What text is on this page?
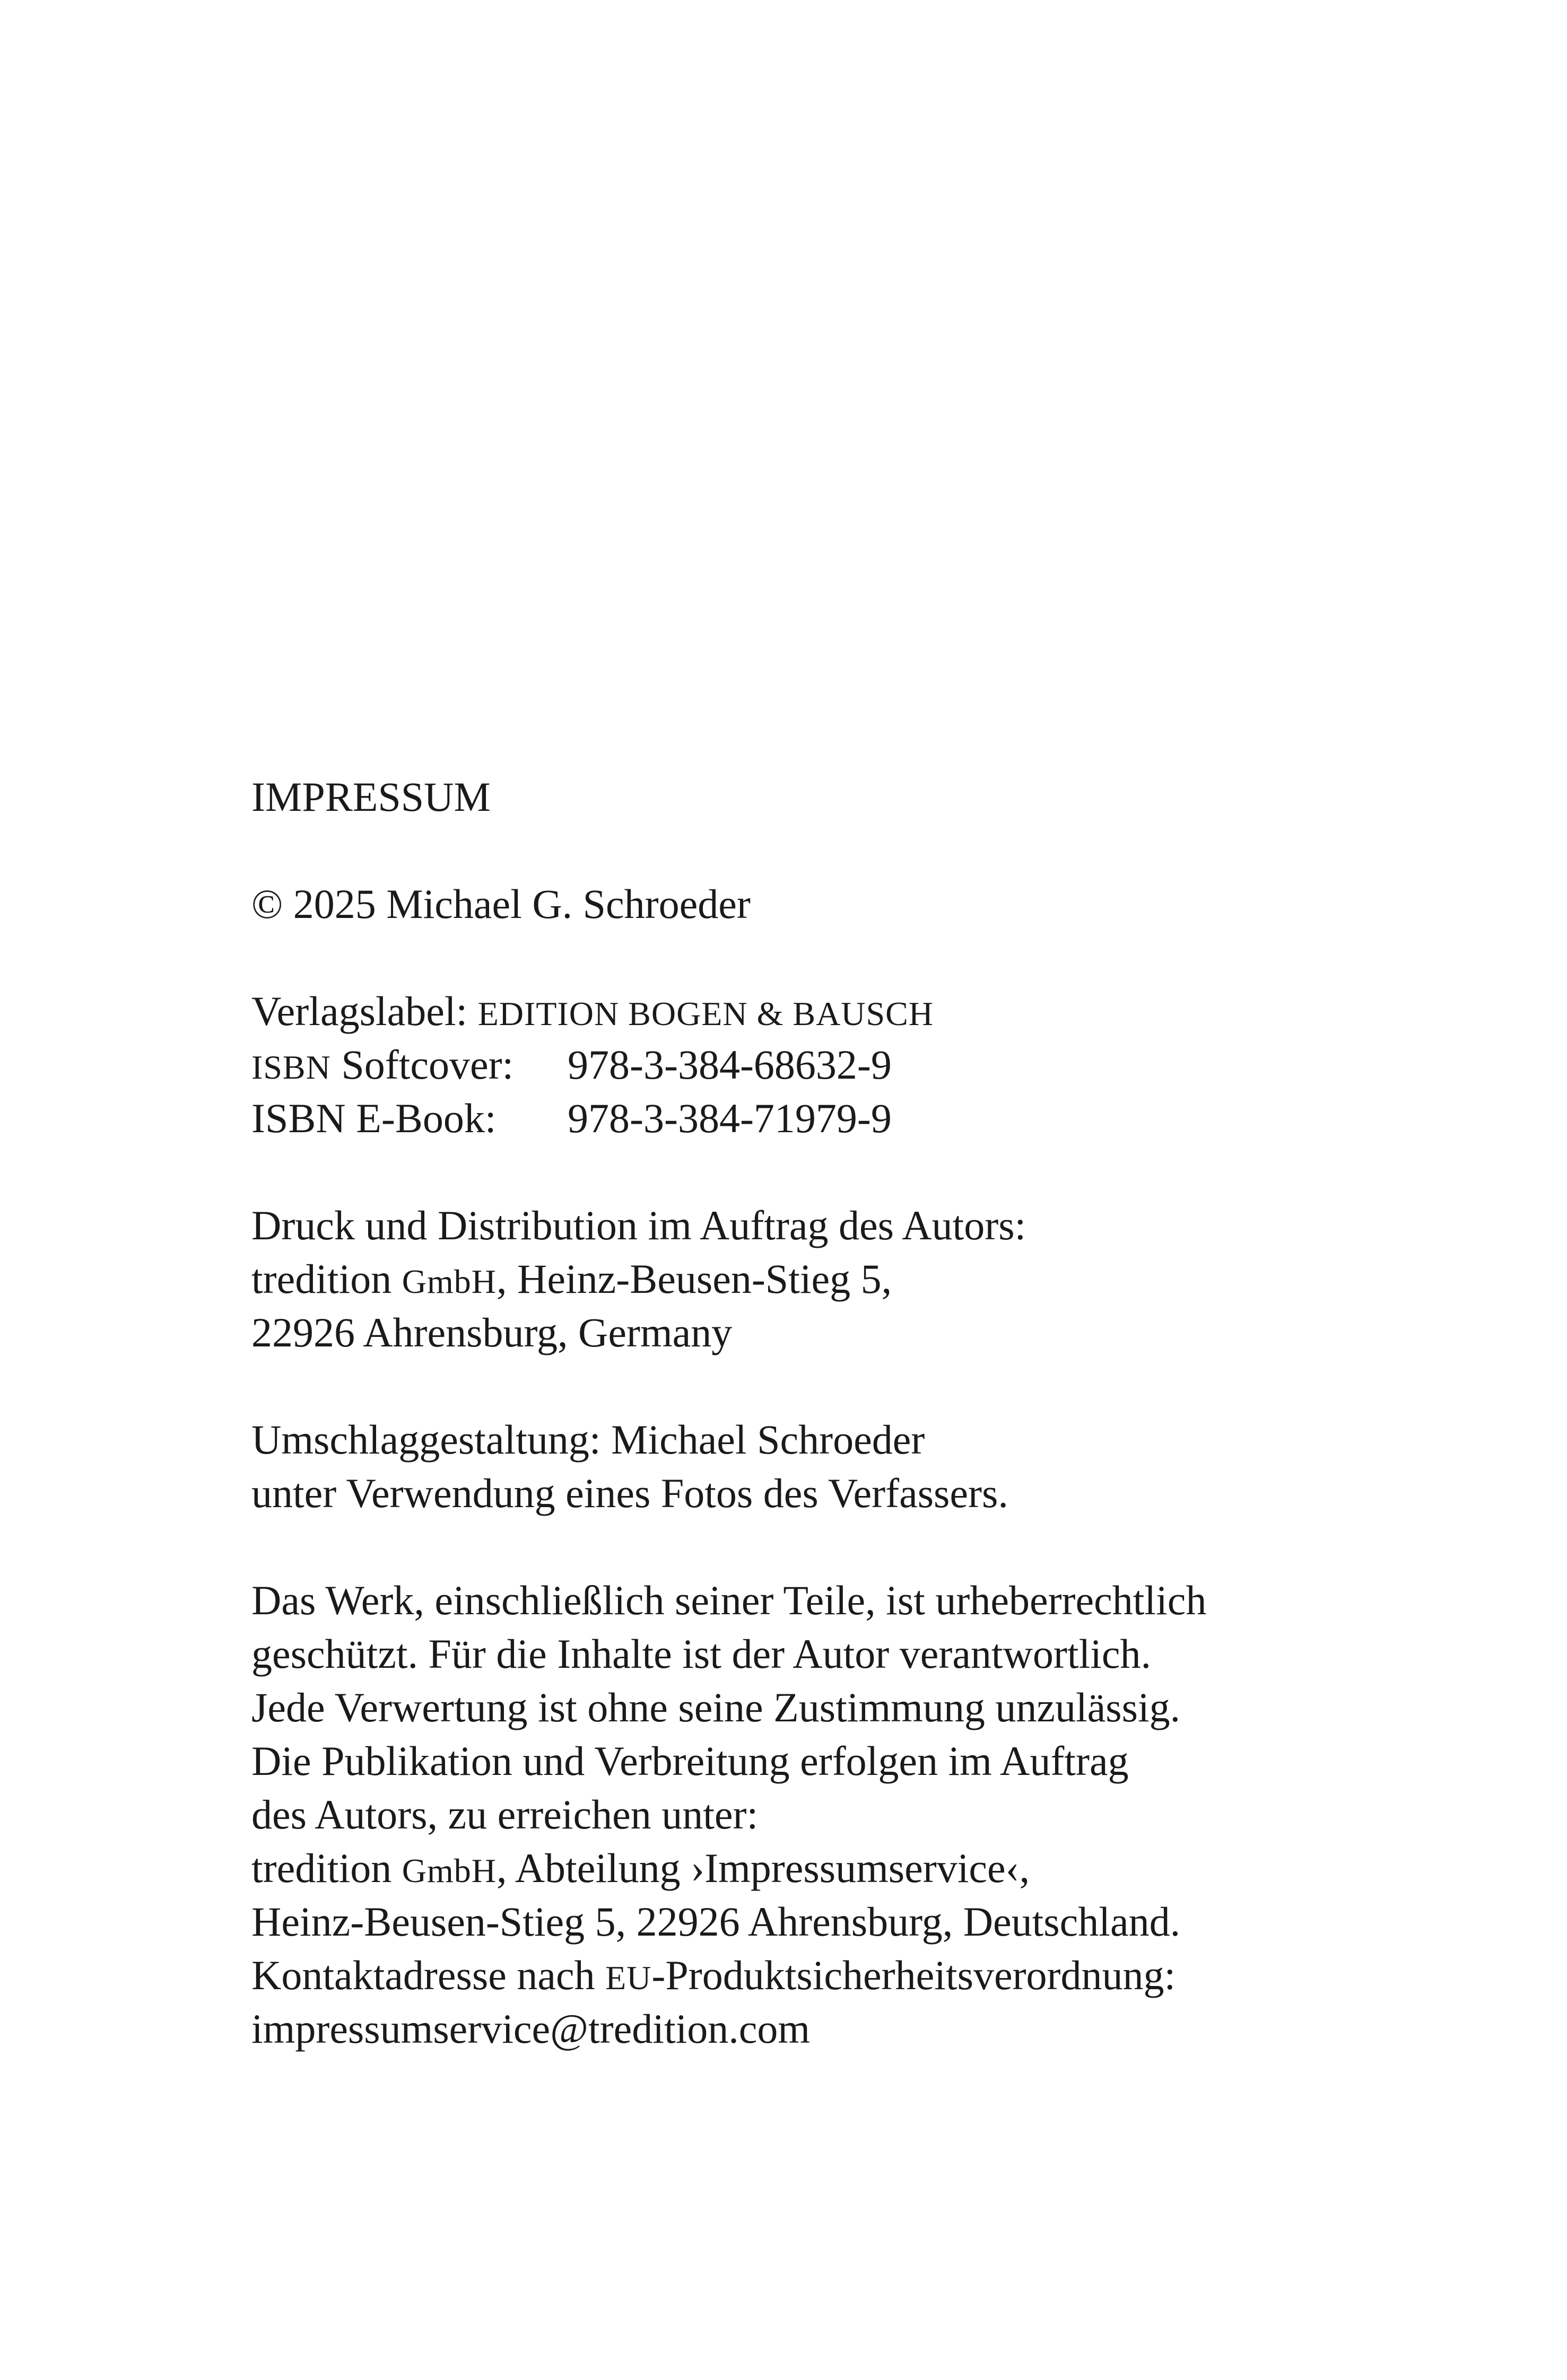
IMPRESSUM
© 2025 Michael G. Schroeder
Verlagslabel: EDITION BOGEN & BAUSCH
ISBN Softcover: 978-3-384-68632-9
ISBN E-Book: 978-3-384-71979-9
Druck und Distribution im Auftrag des Autors:
tredition GmbH, Heinz-Beusen-Stieg 5,
22926 Ahrensburg, Germany
Umschlaggestaltung: Michael Schroeder
unter Verwendung eines Fotos des Verfassers.
Das Werk, einschließlich seiner Teile, ist urheberrechtlich
geschützt. Für die Inhalte ist der Autor verantwortlich.
Jede Verwertung ist ohne seine Zustimmung unzulässig.
Die Publikation und Verbreitung erfolgen im Auftrag
des Autors, zu erreichen unter:
tredition GmbH, Abteilung ›Impressumservice‹,
Heinz-Beusen-Stieg 5, 22926 Ahrensburg, Deutschland.
Kontaktadresse nach EU-Produktsicherheitsverordnung:
impressumservice@tredition.com
